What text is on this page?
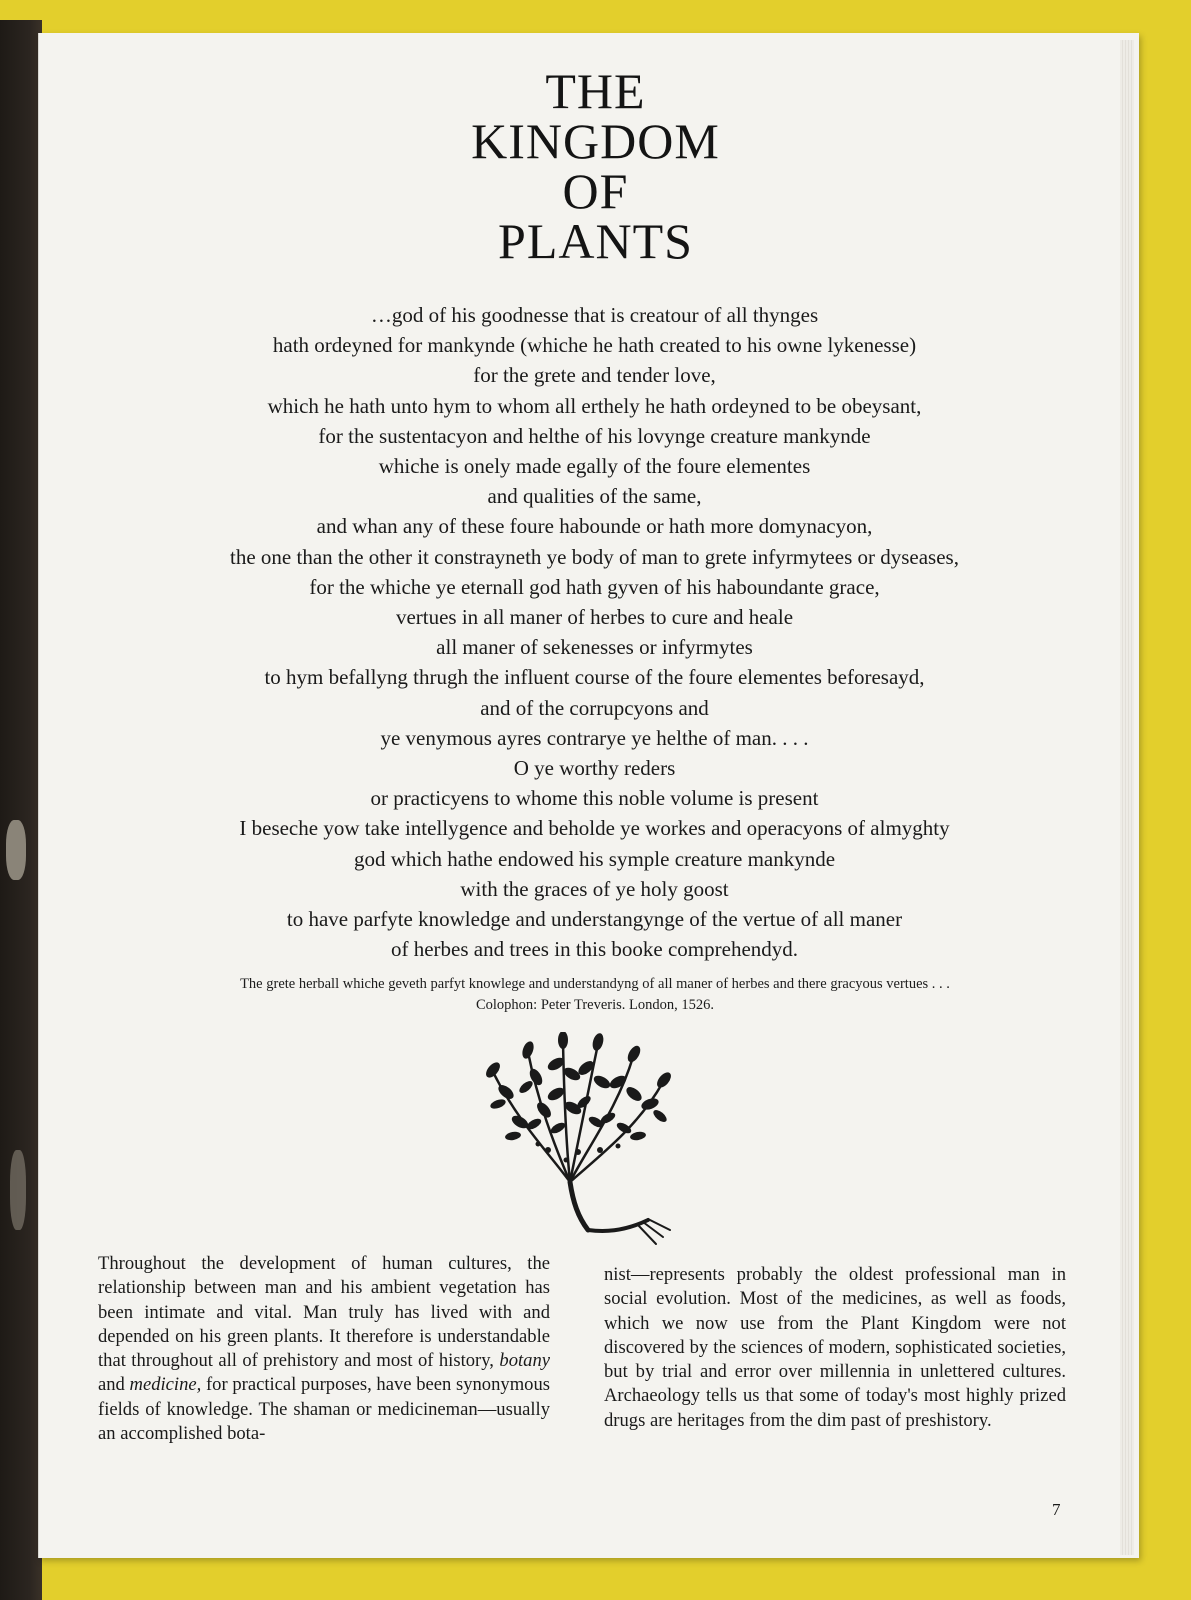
THE
KINGDOM
OF
PLANTS
…god of his goodnesse that is creatour of all thynges
hath ordeyned for mankynde (whiche he hath created to his owne lykenesse)
for the grete and tender love,
which he hath unto hym to whom all erthely he hath ordeyned to be obeysant,
for the sustentacyon and helthe of his lovynge creature mankynde
whiche is onely made egally of the foure elementes
and qualities of the same,
and whan any of these foure habounde or hath more domynacyon,
the one than the other it constrayneth ye body of man to grete infyrmytees or dyseases,
for the whiche ye eternall god hath gyven of his haboundante grace,
vertues in all maner of herbes to cure and heale
all maner of sekenesses or infyrmytes
to hym befallyng thrugh the influent course of the foure elementes beforesayd,
and of the corrupcyons and
ye venymous ayres contrarye ye helthe of man. . . .
O ye worthy reders
or practicyens to whome this noble volume is present
I beseche yow take intellygence and beholde ye workes and operacyons of almyghty
god which hathe endowed his symple creature mankynde
with the graces of ye holy goost
to have parfyte knowledge and understangynge of the vertue of all maner
of herbes and trees in this booke comprehendyd.
The grete herball whiche geveth parfyt knowlege and understandyng of all maner of herbes and there gracyous vertues . . .
Colophon: Peter Treveris. London, 1526.

Throughout the development of human cultures, the relationship between man and his ambient vegetation has been intimate and vital. Man truly has lived with and depended on his green plants. It therefore is understandable that throughout all of prehistory and most of history, botany and medicine, for practical purposes, have been synonymous fields of knowledge. The shaman or medicineman—usually an accomplished bota-

nist—represents probably the oldest professional man in social evolution. Most of the medicines, as well as foods, which we now use from the Plant Kingdom were not discovered by the sciences of modern, sophisticated societies, but by trial and error over millennia in unlettered cultures. Archaeology tells us that some of today's most highly prized drugs are heritages from the dim past of preshistory.

7
